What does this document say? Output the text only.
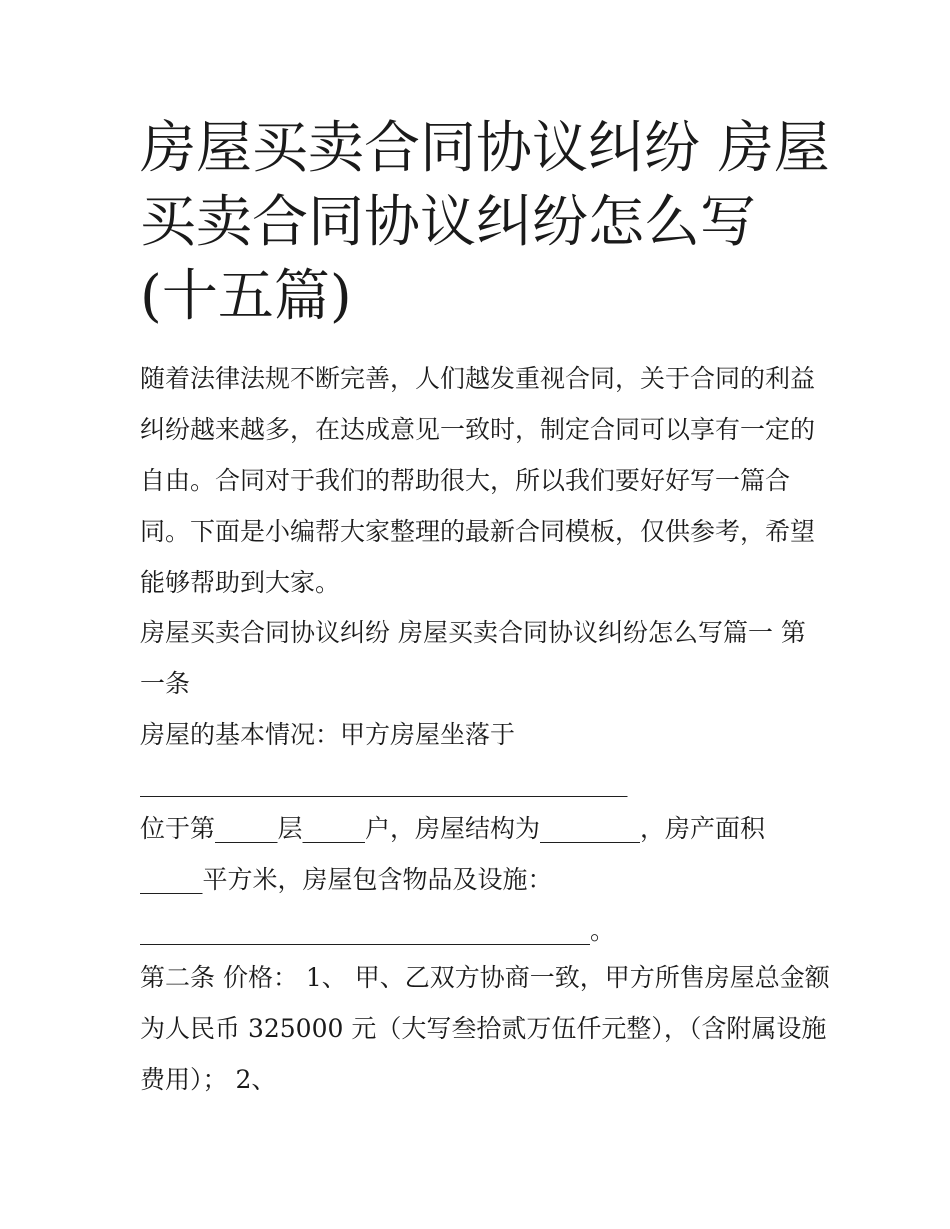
房屋买卖合同协议纠纷 房屋买卖合同协议纠纷怎么写(十五篇)

随着法律法规不断完善，人们越发重视合同，关于合同的利益纠纷越来越多，在达成意见一致时，制定合同可以享有一定的自由。合同对于我们的帮助很大，所以我们要好好写一篇合同。下面是小编帮大家整理的最新合同模板，仅供参考，希望能够帮助到大家。

房屋买卖合同协议纠纷 房屋买卖合同协议纠纷怎么写篇一 第一条

房屋的基本情况：甲方房屋坐落于

_______________________________________

位于第_____层_____户，房屋结构为________，房产面积

_____平方米，房屋包含物品及设施：

____________________________________。

第二条 价格： 1、 甲、乙双方协商一致，甲方所售房屋总金额为人民币 325000 元（大写叁拾贰万伍仟元整），（含附属设施费用）； 2、
